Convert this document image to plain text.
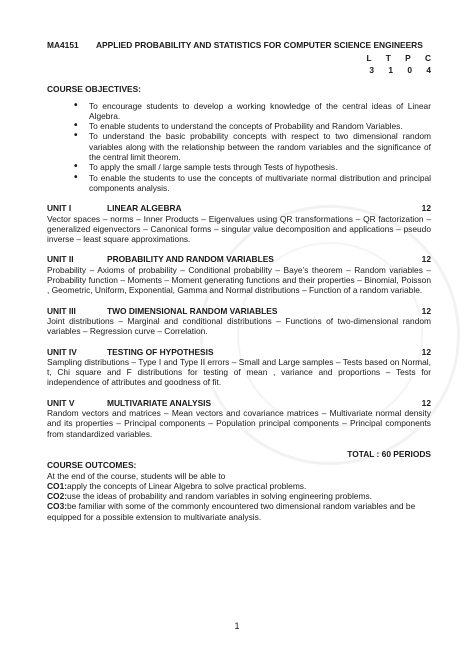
MA4151	APPLIED PROBABILITY AND STATISTICS FOR COMPUTER SCIENCE ENGINEERS
L T P C
3 1 0 4
COURSE OBJECTIVES:
• To encourage students to develop a working knowledge of the central ideas of Linear Algebra.
• To enable students to understand the concepts of Probability and Random Variables.
• To understand the basic probability concepts with respect to two dimensional random variables along with the relationship between the random variables and the significance of the central limit theorem.
• To apply the small / large sample tests through Tests of hypothesis.
• To enable the students to use the concepts of multivariate normal distribution and principal components analysis.
UNIT I	LINEAR ALGEBRA	12
Vector spaces – norms – Inner Products – Eigenvalues using QR transformations – QR factorization – generalized eigenvectors – Canonical forms – singular value decomposition and applications – pseudo inverse – least square approximations.
UNIT II	PROBABILITY AND RANDOM VARIABLES	12
Probability – Axioms of probability – Conditional probability – Baye’s theorem – Random variables – Probability function – Moments – Moment generating functions and their properties – Binomial, Poisson , Geometric, Uniform, Exponential, Gamma and Normal distributions – Function of a random variable.
UNIT III	TWO DIMENSIONAL RANDOM VARIABLES	12
Joint distributions – Marginal and conditional distributions – Functions of two-dimensional random variables – Regression curve – Correlation.
UNIT IV	TESTING OF HYPOTHESIS	12
Sampling distributions – Type I and Type II errors – Small and Large samples – Tests based on Normal, t, Chi square and F distributions for testing of mean , variance and proportions – Tests for independence of attributes and goodness of fit.
UNIT V	MULTIVARIATE ANALYSIS	12
Random vectors and matrices – Mean vectors and covariance matrices – Multivariate normal density and its properties – Principal components – Population principal components – Principal components from standardized variables.
TOTAL : 60 PERIODS
COURSE OUTCOMES:
At the end of the course, students will be able to
CO1:apply the concepts of Linear Algebra to solve practical problems.
CO2:use the ideas of probability and random variables in solving engineering problems.
CO3:be familiar with some of the commonly encountered two dimensional random variables and be equipped for a possible extension to multivariate analysis.
1
